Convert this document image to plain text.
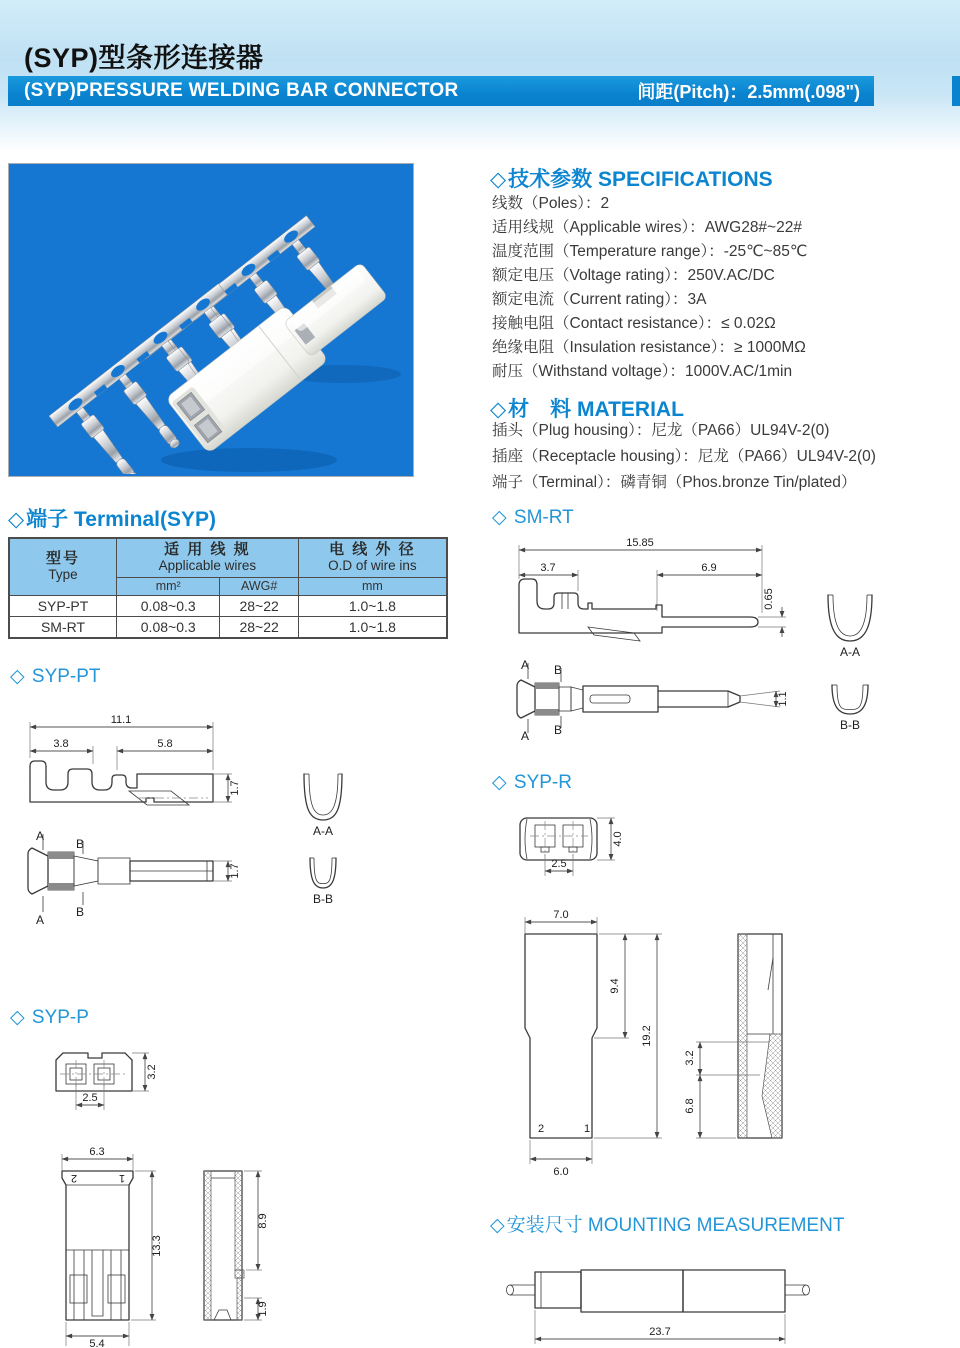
(SYP)型条形连接器
(SYP)PRESSURE WELDING BAR CONNECTOR	间距(Pitch)：2.5mm(.098")
◇技术参数 SPECIFICATIONS
线数（Poles）：2
适用线规（Applicable wires）：AWG28#~22#
温度范围（Temperature range）：-25℃~85℃
额定电压（Voltage rating）：250V.AC/DC
额定电流（Current rating）：3A
接触电阻（Contact resistance）：≤ 0.02Ω
绝缘电阻（Insulation resistance）：≥ 1000MΩ
耐压（Withstand voltage）：1000V.AC/1min
◇材　料 MATERIAL
插头（Plug housing）：尼龙（PA66）UL94V-2(0)
插座（Receptacle housing）：尼龙（PA66）UL94V-2(0)
端子（Terminal）：磷青铜（Phos.bronze Tin/plated）
◇端子 Terminal(SYP)
型号
Type

适 用 线 规
Applicable wires

电 线 外 径
O.D of wire ins

	mm²	AWG#	mm
SYP-PT	0.08~0.3	28~22	1.0~1.8
SM-RT	0.08~0.3	28~22	1.0~1.8
◇ SM-RT
15.85
3.7	6.9
0.65
1.1
A B
A B
A-A
B-B
◇ SYP-PT
11.1
3.8	5.8
1.7
1.7
A
B
A
B
A-A
B-B
◇ SYP-R
4.0
2.5
2	1
7.0
9.4
19.2
6.0
3.2
6.8
◇ SYP-P
3.2
2.5
2	1
6.3
13.3
5.4
8.9
1.9
◇ 安装尺寸 MOUNTING MEASUREMENT
23.7
